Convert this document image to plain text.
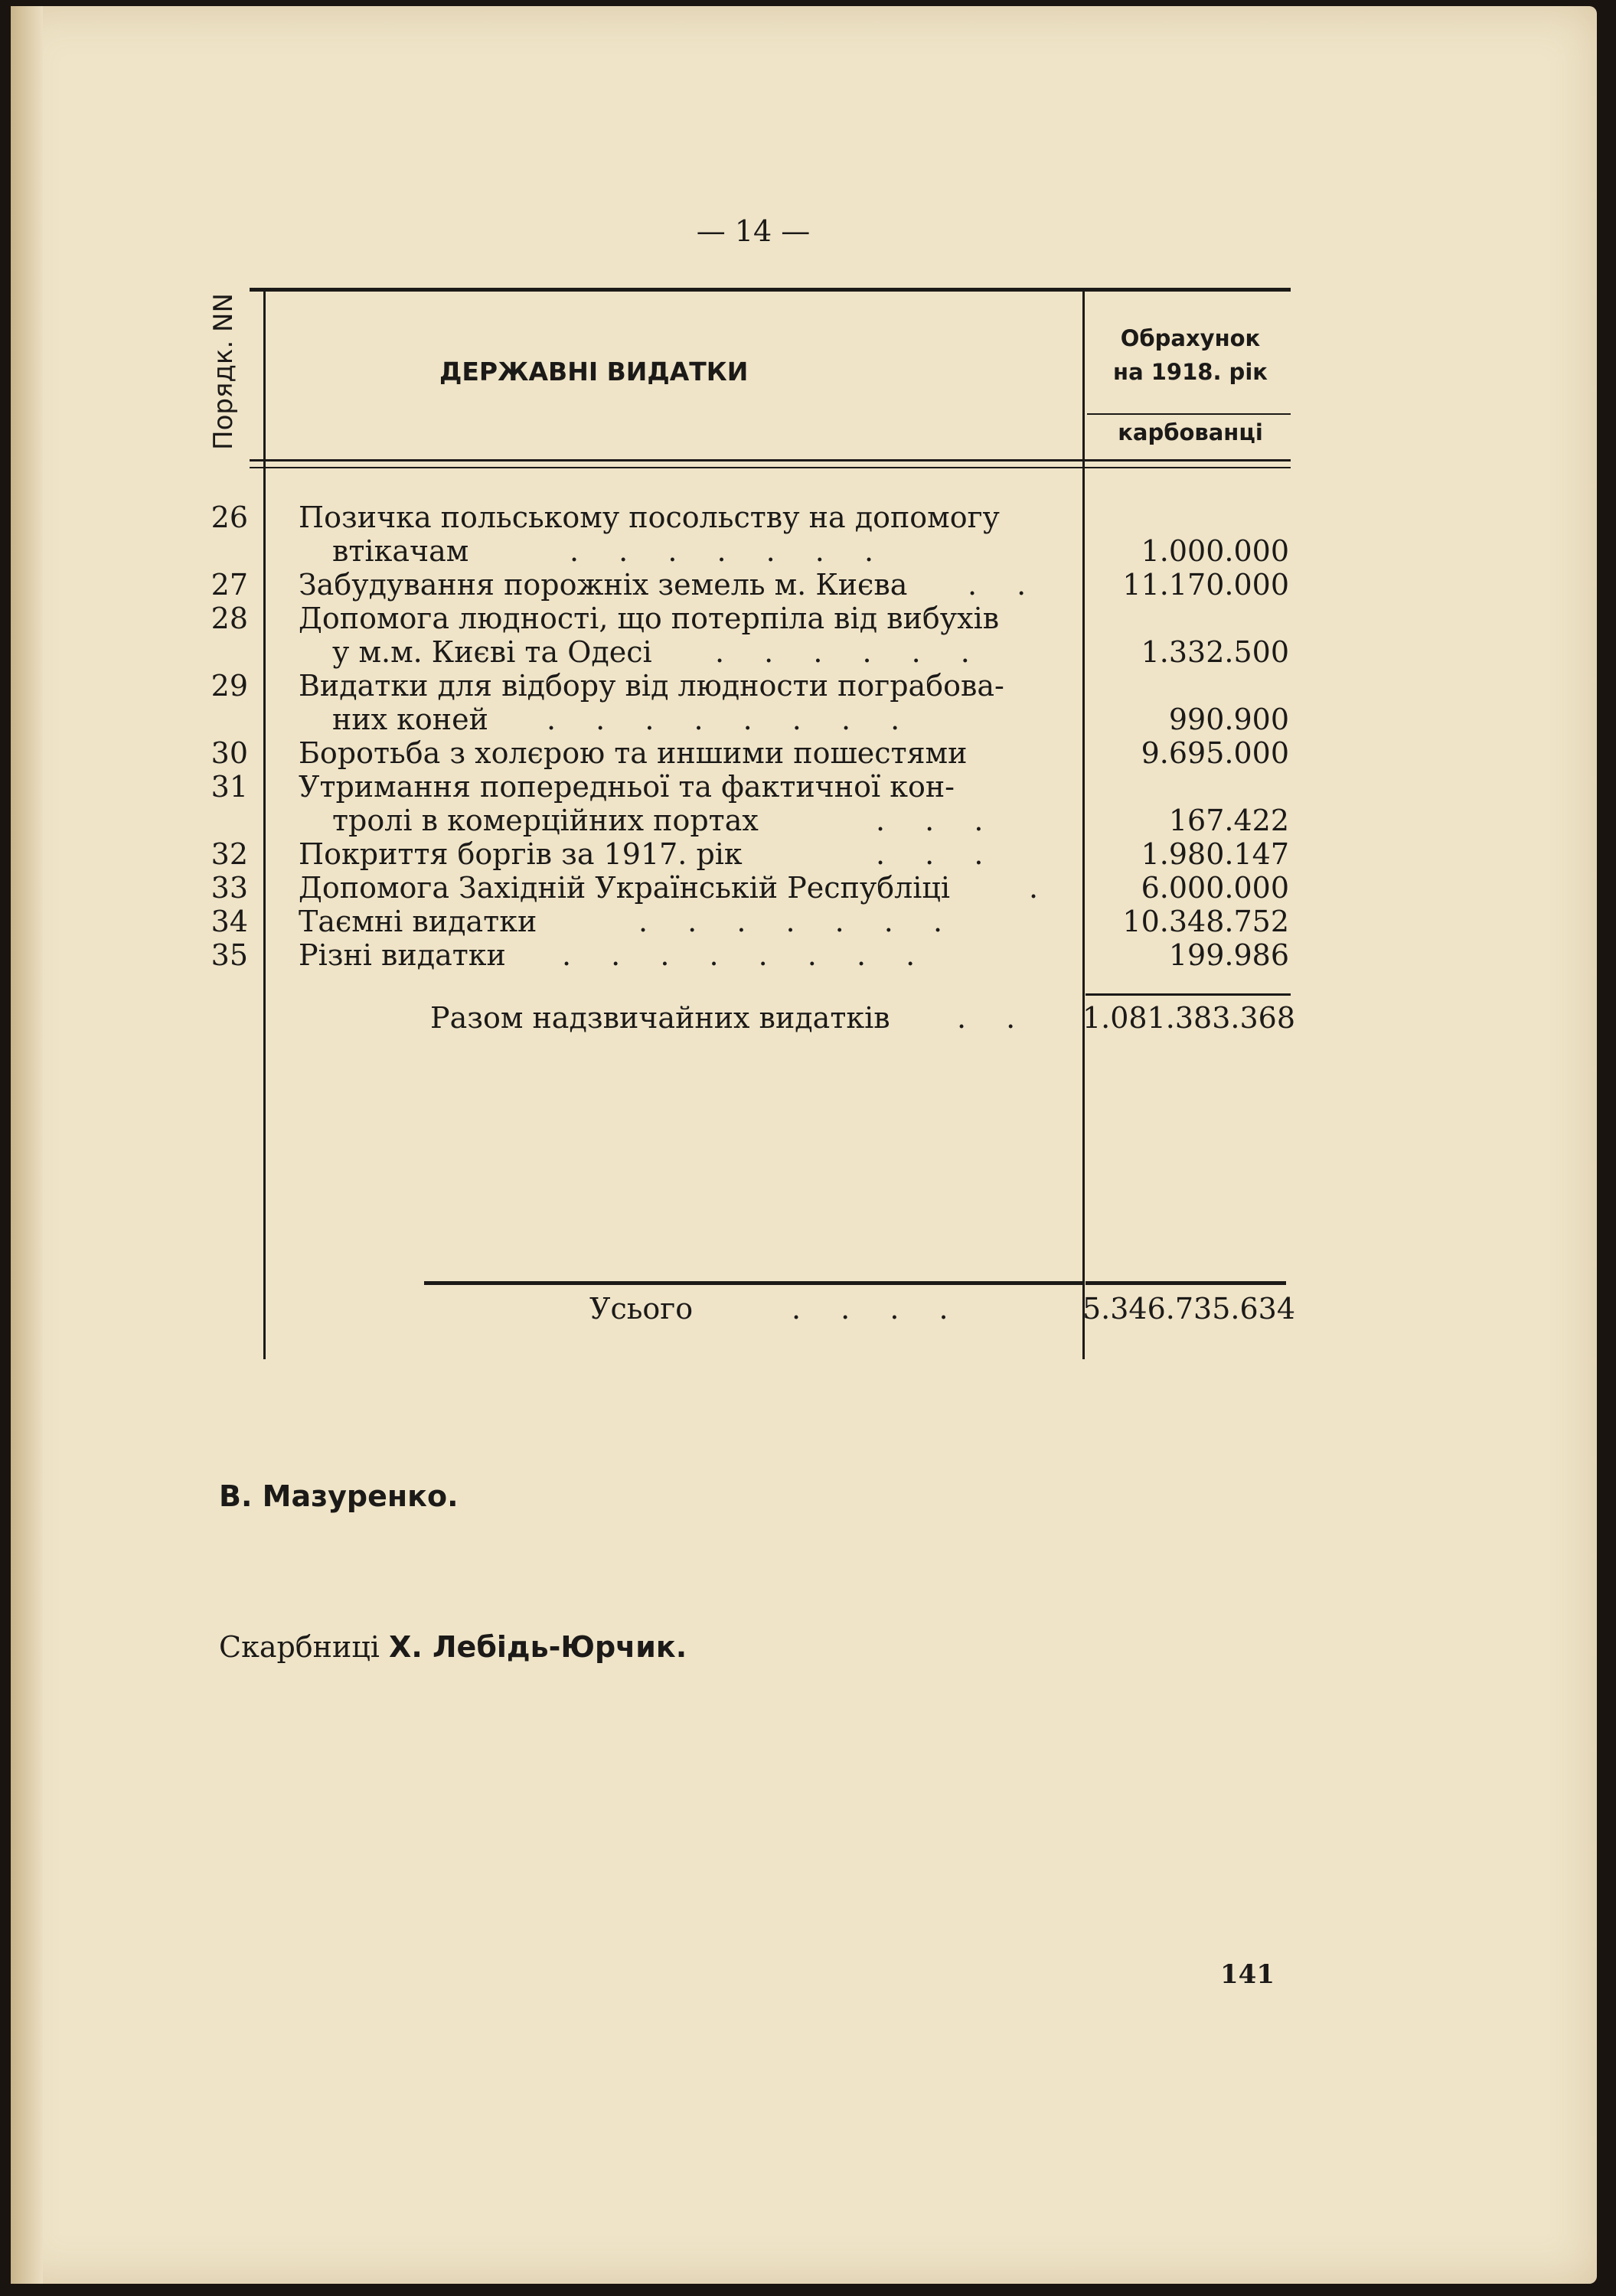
— 14 —
Порядк. NN	ДЕРЖАВНІ ВИДАТКИ
Обрахунок
на 1918. рік
карбованці
26 Позичка польському посольству на допомогу
втікачам	. . . . . . .	1.000.000
27 Забудування порожніх земель м. Києва	. .	11.170.000
28 Допомога людності, що потерпіла від вибухів
у м.м. Києві та Одесі	. . . . . .	1.332.500
29 Видатки для відбору від людности пограбова-
них коней	. . . . . . . .	990.900
30 Боротьба з холєрою та иншими пошестями	9.695.000
31 Утримання попередньої та фактичної кон-
тролі в комерційних портах	. . .	167.422
32 Покриття боргів за 1917. рік	. . .	1.980.147
33 Допомога Західній Українській Республіці	.	6.000.000
34 Таємні видатки	. . . . . . .	10.348.752
35 Різні видатки	. . . . . . . .	199.986
Разом надзвичайних видатків	. . 1.081.383.368
Усього	. . . .	5.346.735.634
В. Мазуренко.
Скарбниці Х. Лебідь-Юрчик.
141
